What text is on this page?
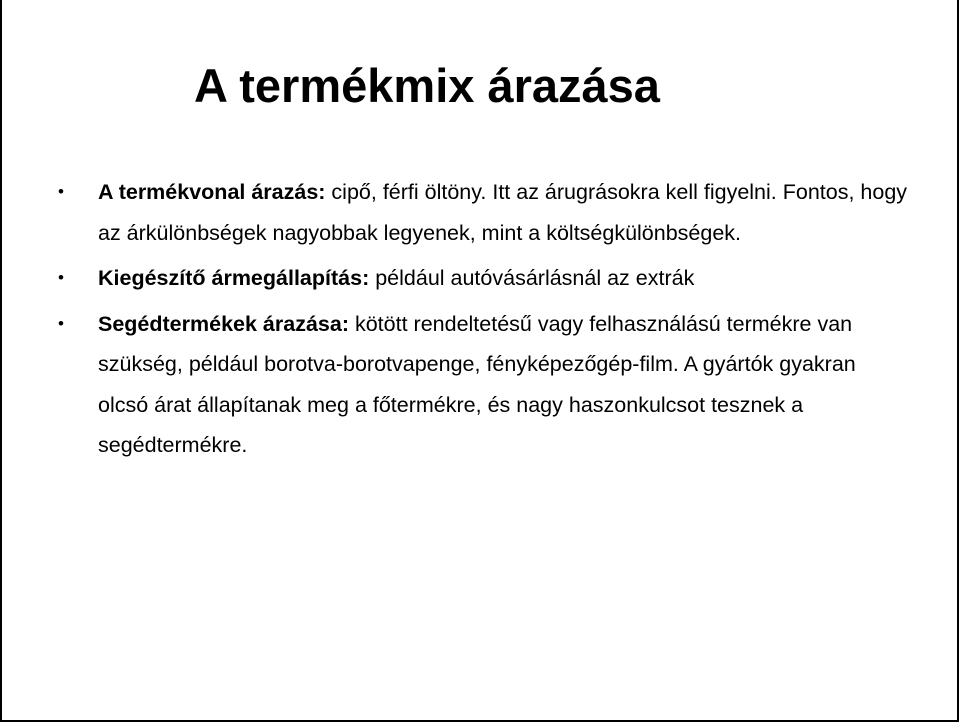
A termékmix árazása
•	A termékvonal árazás: cipő, férfi öltöny. Itt az árugrásokra kell figyelni. Fontos, hogy az árkülönbségek nagyobbak legyenek, mint a költségkülönbségek.
•	Kiegészítő ármegállapítás: például autóvásárlásnál az extrák
•	Segédtermékek árazása: kötött rendeltetésű vagy felhasználású termékre van szükség, például borotva-borotvapenge, fényképezőgép-film. A gyártók gyakran olcsó árat állapítanak meg a főtermékre, és nagy haszonkulcsot tesznek a segédtermékre.
